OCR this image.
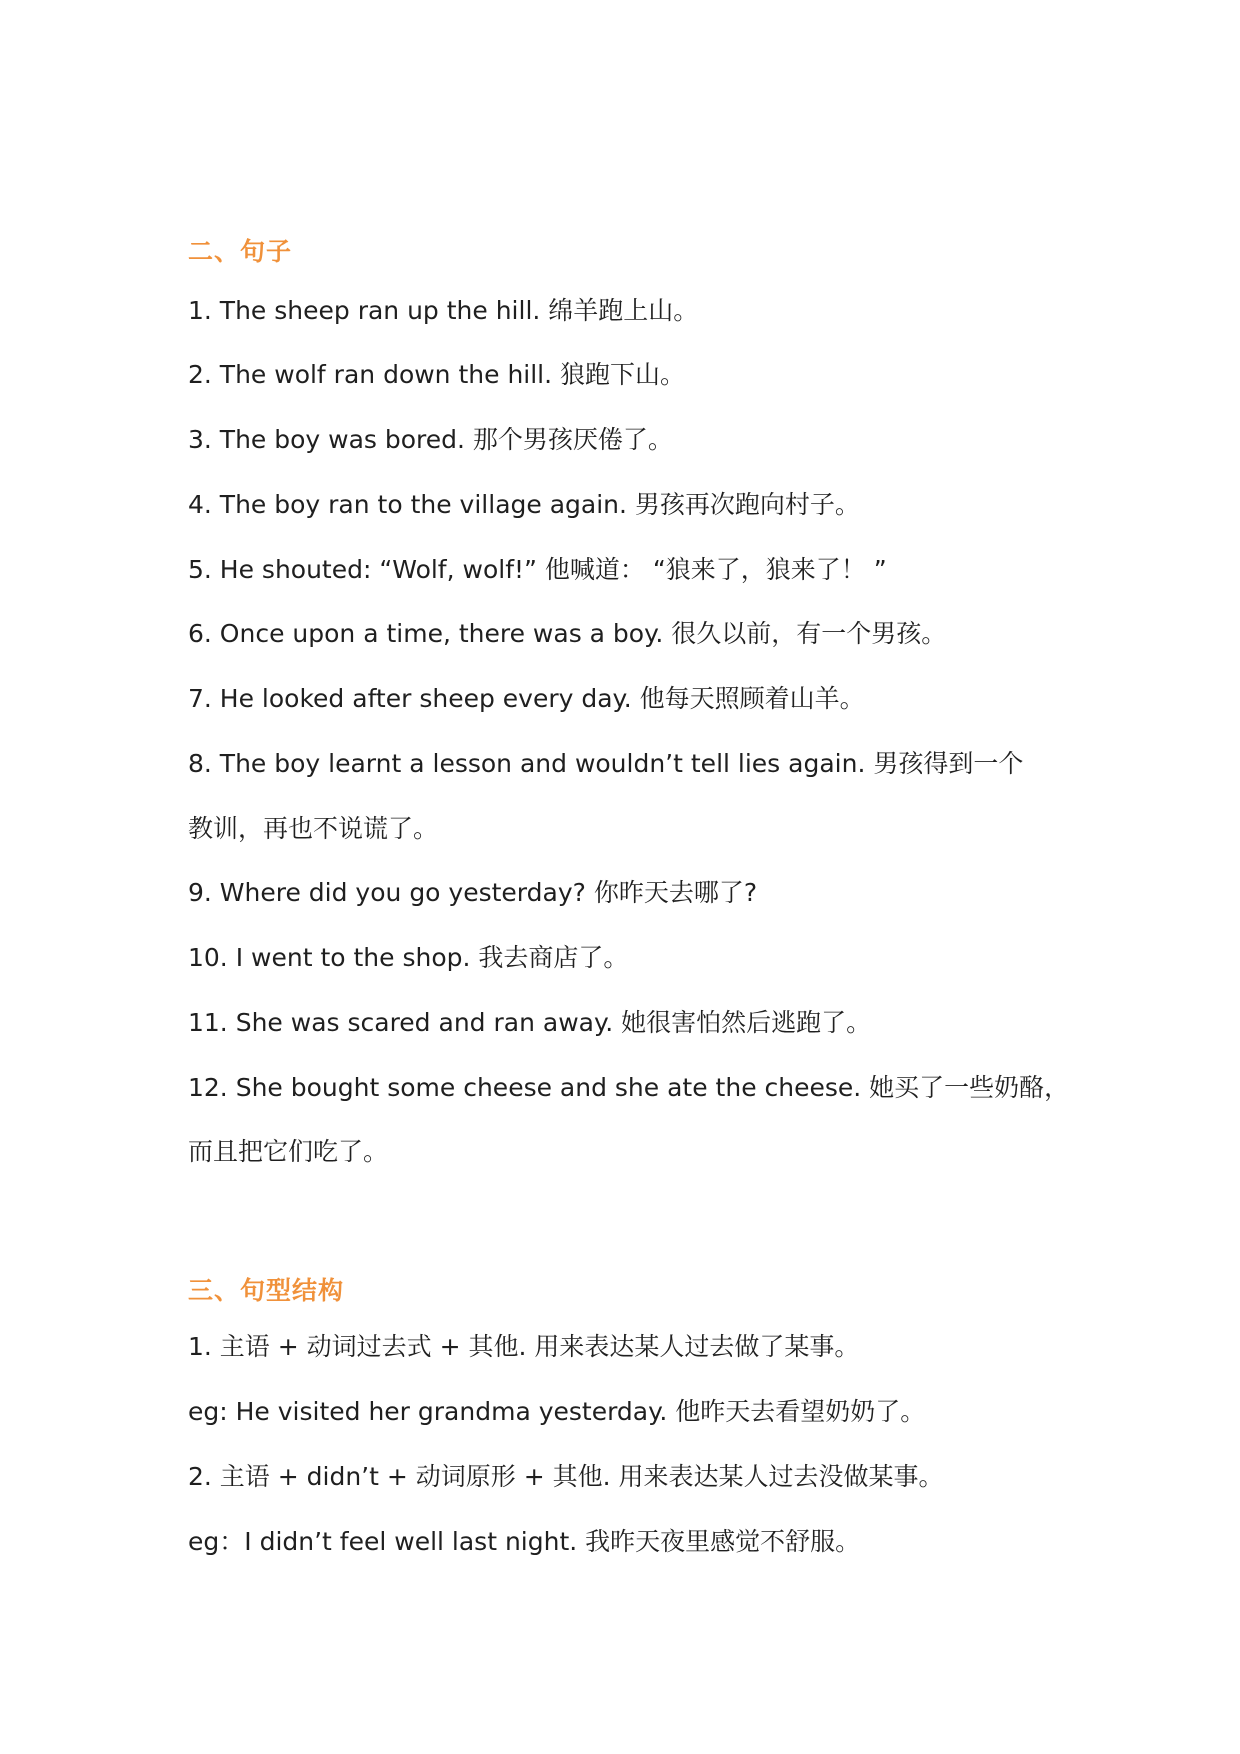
二、句子
1. The sheep ran up the hill. 绵羊跑上山。
2. The wolf ran down the hill. 狼跑下山。
3. The boy was bored. 那个男孩厌倦了。
4. The boy ran to the village again. 男孩再次跑向村子。
5. He shouted: “Wolf, wolf!” 他喊道： “狼来了，狼来了！ ”
6. Once upon a time, there was a boy. 很久以前，有一个男孩。
7. He looked after sheep every day. 他每天照顾着山羊。
8. The boy learnt a lesson and wouldn’t tell lies again. 男孩得到一个
教训，再也不说谎了。
9. Where did you go yesterday? 你昨天去哪了?
10. I went to the shop. 我去商店了。
11. She was scared and ran away. 她很害怕然后逃跑了。
12. She bought some cheese and she ate the cheese. 她买了一些奶酪，
而且把它们吃了。
三、句型结构
1. 主语 + 动词过去式 + 其他. 用来表达某人过去做了某事。
eg: He visited her grandma yesterday. 他昨天去看望奶奶了。
2. 主语 + didn’t + 动词原形 + 其他. 用来表达某人过去没做某事。
eg：I didn’t feel well last night. 我昨天夜里感觉不舒服。
